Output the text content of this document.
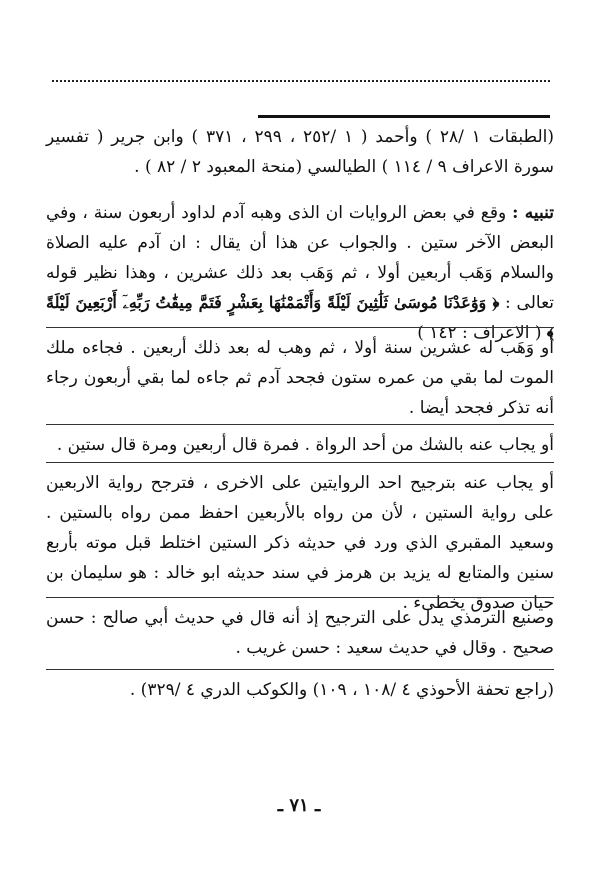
(الطبقات ١ /٢٨ ) وأحمد ( ١ /٢٥٢ ، ٢٩٩ ، ٣٧١ ) وابن جرير ( تفسير سورة الاعراف ٩ / ١١٤ ) الطيالسي (منحة المعبود ٢ / ٨٢ ) .
تنبيه : وقع في بعض الروايات ان الذى وهبه آدم لداود أربعون سنة ، وفي البعض الآخر ستين . والجواب عن هذا أن يقال : ان آدم عليه الصلاة والسلام وَهَب أربعين أولا ، ثم وَهَب بعد ذلك عشرين ، وهذا نظير قوله تعالى : ﴿ وَوَٰعَدْنَا مُوسَىٰ ثَلَٰثِينَ لَيْلَةً وَأَتْمَمْنَٰهَا بِعَشْرٍ فَتَمَّ مِيقَٰتُ رَبِّهِۦٓ أَرْبَعِينَ لَيْلَةً ﴾ ( الاعراف : ١٤٢ )
أو وَهَب له عشرين سنة أولا ، ثم وهب له بعد ذلك أربعين . فجاءه ملك الموت لما بقي من عمره ستون فجحد آدم ثم جاءه لما بقي أربعون رجاء أنه تذكر فجحد أيضا .
أو يجاب عنه بالشك من أحد الرواة . فمرة قال أربعين ومرة قال ستين .
أو يجاب عنه بترجيح احد الروايتين على الاخرى ، فترجح رواية الاربعين على رواية الستين ، لأن من رواه بالأربعين احفظ ممن رواه بالستين . وسعيد المقبري الذي ورد في حديثه ذكر الستين اختلط قبل موته بأربع سنين والمتابع له يزيد بن هرمز في سند حديثه ابو خالد : هو سليمان بن حيان صدوق يخطىء .
وصنيع الترمذي يدل على الترجيح إذ أنه قال في حديث أبي صالح : حسن صحيح . وقال في حديث سعيد : حسن غريب .
(راجع تحفة الأحوذي ٤ /١٠٨ ، ١٠٩) والكوكب الدري ٤ /٣٢٩) .
ـ ٧١ ـ
